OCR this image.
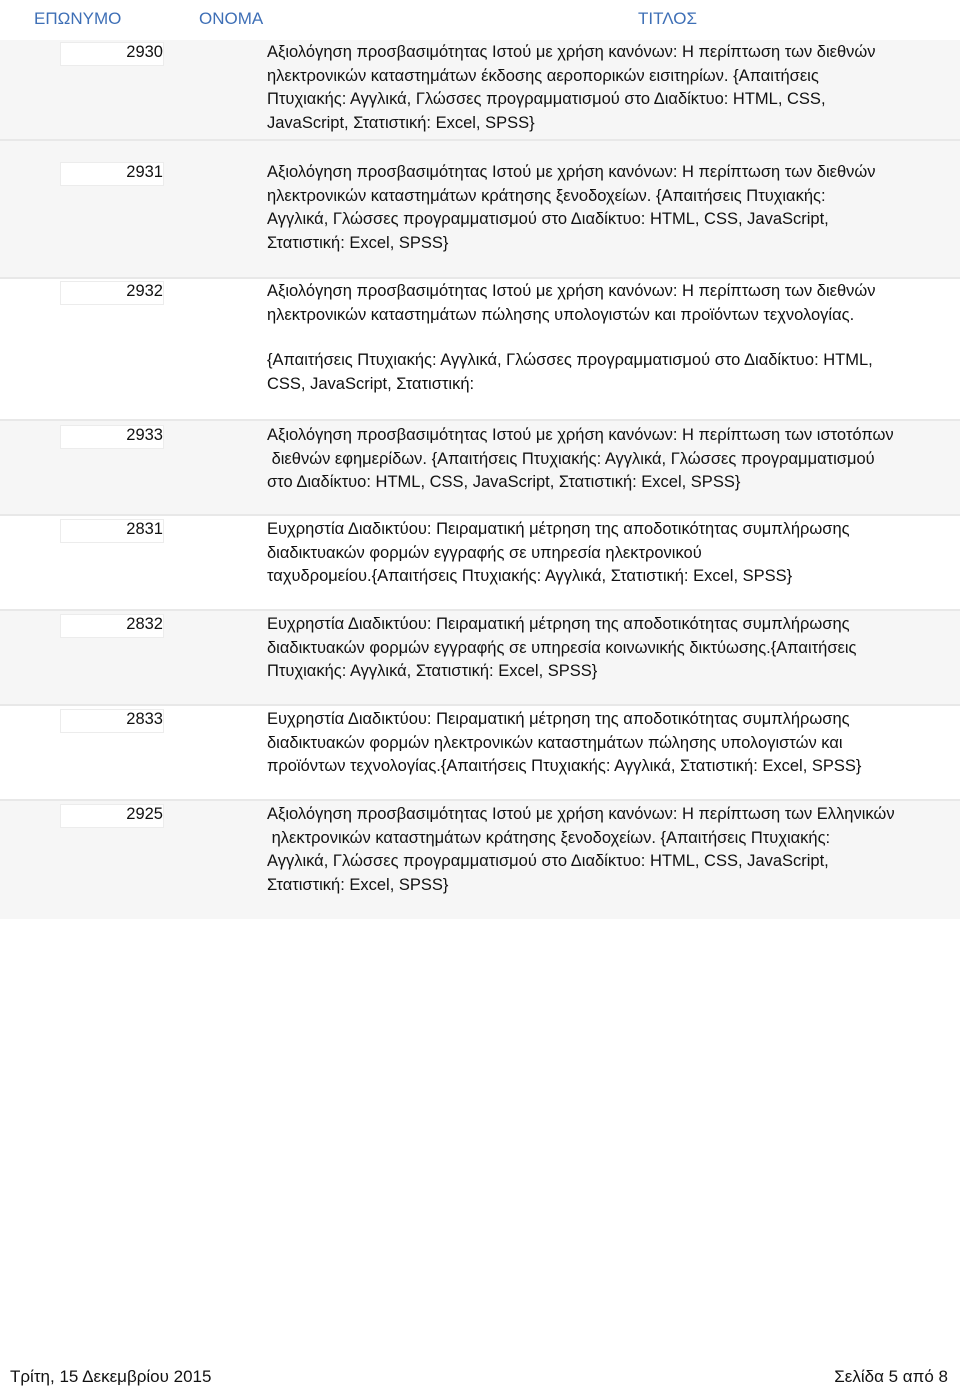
ΕΠΩΝΥΜΟ	ΟΝΟΜΑ	ΤΙΤΛΟΣ
2930	Αξιολόγηση προσβασιμότητας Ιστού με χρήση κανόνων: Η περίπτωση των διεθνών
ηλεκτρονικών καταστημάτων έκδοσης αεροπορικών εισιτηρίων. {Απαιτήσεις
Πτυχιακής: Αγγλικά, Γλώσσες προγραμματισμού στο Διαδίκτυο: HTML, CSS,
JavaScript, Στατιστική: Excel, SPSS}
2931	Αξιολόγηση προσβασιμότητας Ιστού με χρήση κανόνων: Η περίπτωση των διεθνών
ηλεκτρονικών καταστημάτων κράτησης ξενοδοχείων. {Απαιτήσεις Πτυχιακής:
Αγγλικά, Γλώσσες προγραμματισμού στο Διαδίκτυο: HTML, CSS, JavaScript,
Στατιστική: Excel, SPSS}
2932	Αξιολόγηση προσβασιμότητας Ιστού με χρήση κανόνων: Η περίπτωση των διεθνών
ηλεκτρονικών καταστημάτων πώλησης υπολογιστών και προϊόντων τεχνολογίας.
{Απαιτήσεις Πτυχιακής: Αγγλικά, Γλώσσες προγραμματισμού στο Διαδίκτυο: HTML,
CSS, JavaScript, Στατιστική:
2933	Αξιολόγηση προσβασιμότητας Ιστού με χρήση κανόνων: Η περίπτωση των ιστοτόπων
διεθνών εφημερίδων. {Απαιτήσεις Πτυχιακής: Αγγλικά, Γλώσσες προγραμματισμού
στο Διαδίκτυο: HTML, CSS, JavaScript, Στατιστική: Excel, SPSS}
2831	Ευχρηστία Διαδικτύου: Πειραματική μέτρηση της αποδοτικότητας συμπλήρωσης
διαδικτυακών φορμών εγγραφής σε υπηρεσία ηλεκτρονικού
ταχυδρομείου.{Απαιτήσεις Πτυχιακής: Αγγλικά, Στατιστική: Excel, SPSS}
2832	Ευχρηστία Διαδικτύου: Πειραματική μέτρηση της αποδοτικότητας συμπλήρωσης
διαδικτυακών φορμών εγγραφής σε υπηρεσία κοινωνικής δικτύωσης.{Απαιτήσεις
Πτυχιακής: Αγγλικά, Στατιστική: Excel, SPSS}
2833	Ευχρηστία Διαδικτύου: Πειραματική μέτρηση της αποδοτικότητας συμπλήρωσης
διαδικτυακών φορμών ηλεκτρονικών καταστημάτων πώλησης υπολογιστών και
προϊόντων τεχνολογίας.{Απαιτήσεις Πτυχιακής: Αγγλικά, Στατιστική: Excel, SPSS}
2925	Αξιολόγηση προσβασιμότητας Ιστού με χρήση κανόνων: Η περίπτωση των Ελληνικών
ηλεκτρονικών καταστημάτων κράτησης ξενοδοχείων. {Απαιτήσεις Πτυχιακής:
Αγγλικά, Γλώσσες προγραμματισμού στο Διαδίκτυο: HTML, CSS, JavaScript,
Στατιστική: Excel, SPSS}
Τρίτη, 15 Δεκεμβρίου 2015	Σελίδα 5 από 8
